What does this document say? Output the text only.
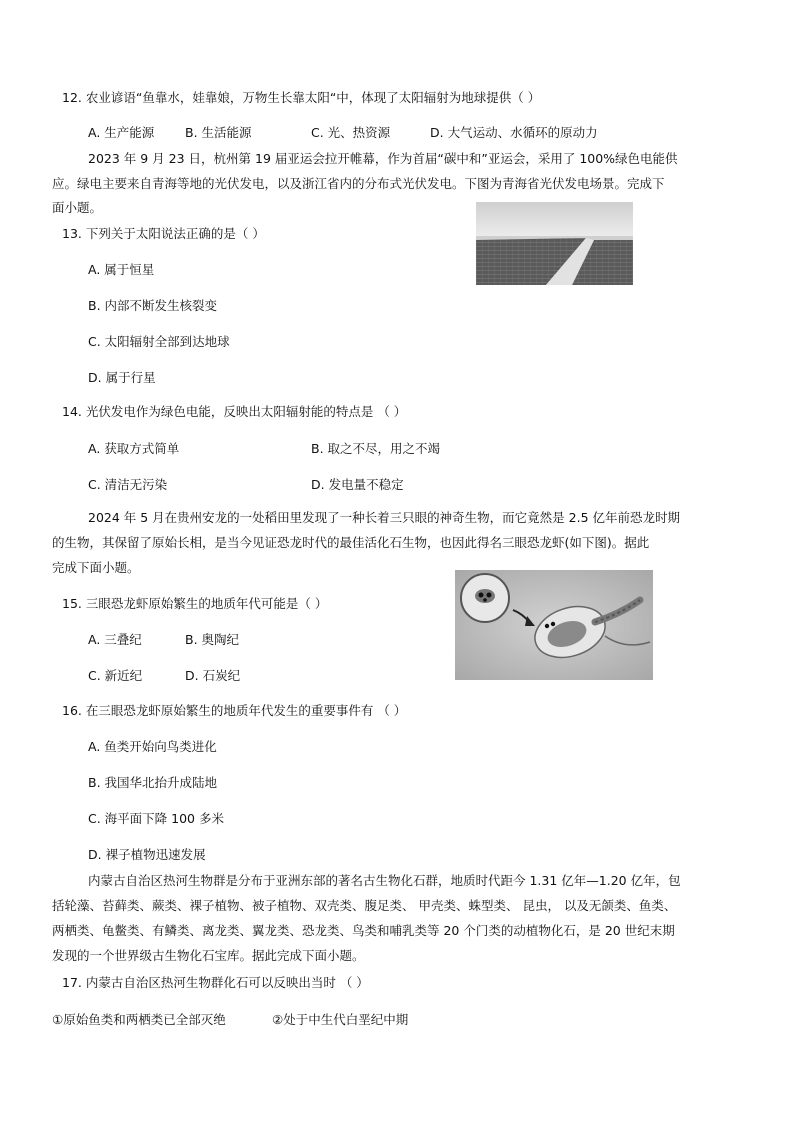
12. 农业谚语“鱼靠水，娃靠娘，万物生长靠太阳“中，体现了太阳辐射为地球提供（ ）
A. 生产能源 B. 生活能源	C. 光、热资源	D. 大气运动、水循环的原动力
2023 年 9 月 23 日，杭州第 19 届亚运会拉开帷幕，作为首届“碳中和”亚运会，采用了 100%绿色电能供
应。绿电主要来自青海等地的光伏发电，以及浙江省内的分布式光伏发电。下图为青海省光伏发电场景。完成下
面小题。
13. 下列关于太阳说法正确的是（ ）
A. 属于恒星
B. 内部不断发生核裂变
C. 太阳辐射全部到达地球
D. 属于行星
14. 光伏发电作为绿色电能，反映出太阳辐射能的特点是 （ ）
A. 获取方式简单	B. 取之不尽，用之不竭
C. 清洁无污染	D. 发电量不稳定
2024 年 5 月在贵州安龙的一处稻田里发现了一种长着三只眼的神奇生物，而它竟然是 2.5 亿年前恐龙时期
的生物，其保留了原始长相，是当今见证恐龙时代的最佳活化石生物，也因此得名三眼恐龙虾(如下图)。据此
完成下面小题。
15. 三眼恐龙虾原始繁生的地质年代可能是（ ）
A. 三叠纪	B. 奥陶纪
C. 新近纪	D. 石炭纪
16. 在三眼恐龙虾原始繁生的地质年代发生的重要事件有 （ ）
A. 鱼类开始向鸟类进化
B. 我国华北抬升成陆地
C. 海平面下降 100 多米
D. 裸子植物迅速发展
内蒙古自治区热河生物群是分布于亚洲东部的著名古生物化石群，地质时代距今 1.31 亿年—1.20 亿年，包
括轮藻、苔藓类、蕨类、裸子植物、被子植物、双壳类、腹足类、 甲壳类、蛛型类、 昆虫， 以及无颌类、鱼类、
两栖类、龟鳖类、有鳞类、离龙类、翼龙类、恐龙类、鸟类和哺乳类等 20 个门类的动植物化石，是 20 世纪末期
发现的一个世界级古生物化石宝库。据此完成下面小题。
17. 内蒙古自治区热河生物群化石可以反映出当时 （ ）
①原始鱼类和两栖类已全部灭绝	②处于中生代白垩纪中期
